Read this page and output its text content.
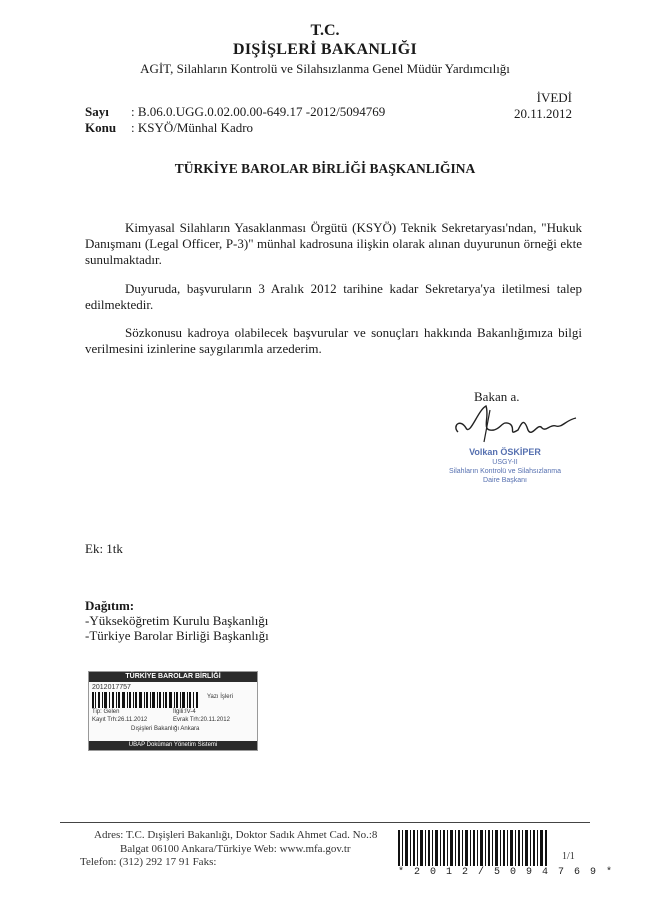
T.C.
DIŞİŞLERİ BAKANLIĞI
AGİT, Silahların Kontrolü ve Silahsızlanma Genel Müdür Yardımcılığı
İVEDİ
20.11.2012
Sayı : B.06.0.UGG.0.02.00.00-649.17 -2012/5094769
Konu : KSYÖ/Münhal Kadro
TÜRKİYE BAROLAR BİRLİĞİ BAŞKANLIĞINA

Kimyasal Silahların Yasaklanması Örgütü (KSYÖ) Teknik Sekretaryası'ndan, "Hukuk Danışmanı (Legal Officer, P-3)" münhal kadrosuna ilişkin olarak alınan duyurunun örneği ekte sunulmaktadır.

Duyuruda, başvuruların 3 Aralık 2012 tarihine kadar Sekretarya'ya iletilmesi talep edilmektedir.

Sözkonusu kadroya olabilecek başvurular ve sonuçları hakkında Bakanlığımıza bilgi verilmesini izinlerine saygılarımla arzederim.

Bakan a.
Volkan ÖSKİPER
USGY-II
Silahların Kontrolü ve Silahsızlanma
Daire Başkanı
Ek: 1tk
Dağıtım:
-Yükseköğretim Kurulu Başkanlığı
-Türkiye Barolar Birliği Başkanlığı
TÜRKİYE BAROLAR BİRLİĞİ
2012017757
Yazı İşleri
Tip: Gelen	İlgili:IV-4
Kayıt Trh:26.11.2012	Evrak Trh:20.11.2012
Dışişleri Bakanlığı Ankara
UBAP Doküman Yönetim Sistemi
Adres: T.C. Dışişleri Bakanlığı, Doktor Sadık Ahmet Cad. No.:8
Balgat 06100 Ankara/Türkiye Web: www.mfa.gov.tr
Telefon: (312) 292 17 91 Faks:
* 2 0 1 2 / 5 0 9 4 7 6 9 *
1/1
